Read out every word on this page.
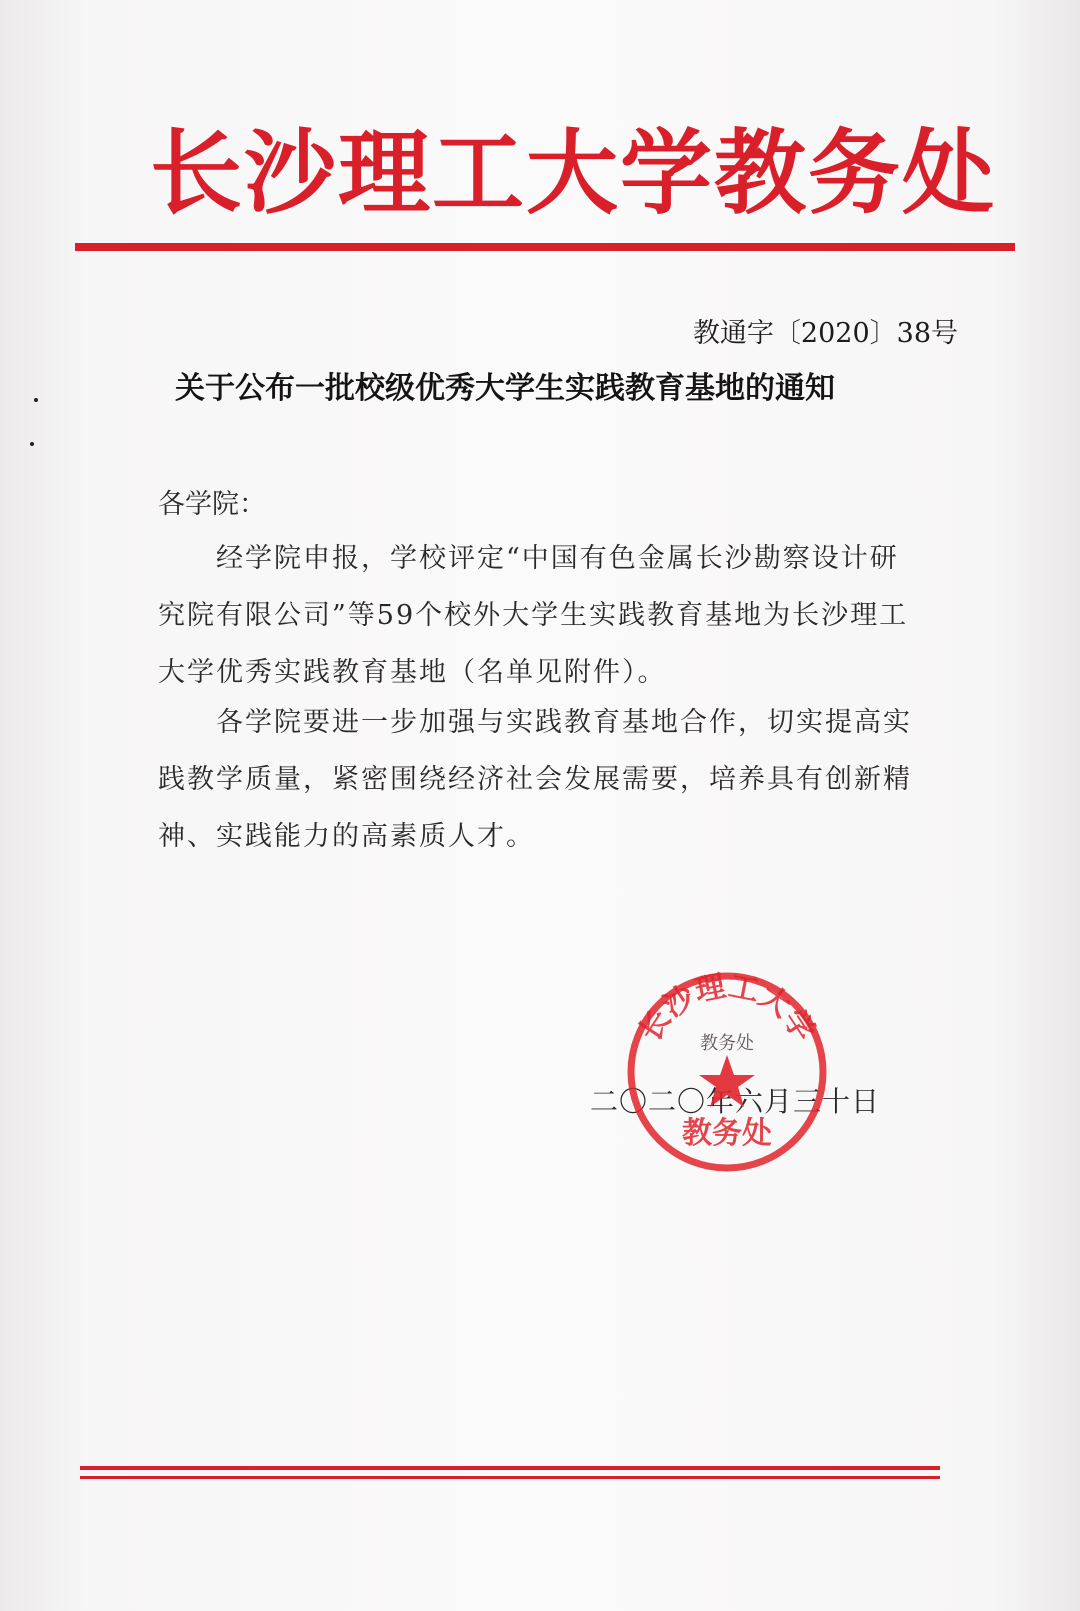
长沙理工大学教务处
教通字〔2020〕38号
关于公布一批校级优秀大学生实践教育基地的通知
各学院：
经学院申报，学校评定“中国有色金属长沙勘察设计研究院有限公司”等59个校外大学生实践教育基地为长沙理工大学优秀实践教育基地（名单见附件）。
各学院要进一步加强与实践教育基地合作，切实提高实践教学质量，紧密围绕经济社会发展需要，培养具有创新精神、实践能力的高素质人才。
二〇二〇年六月三十日
长沙理工大学
教务处
教务处
